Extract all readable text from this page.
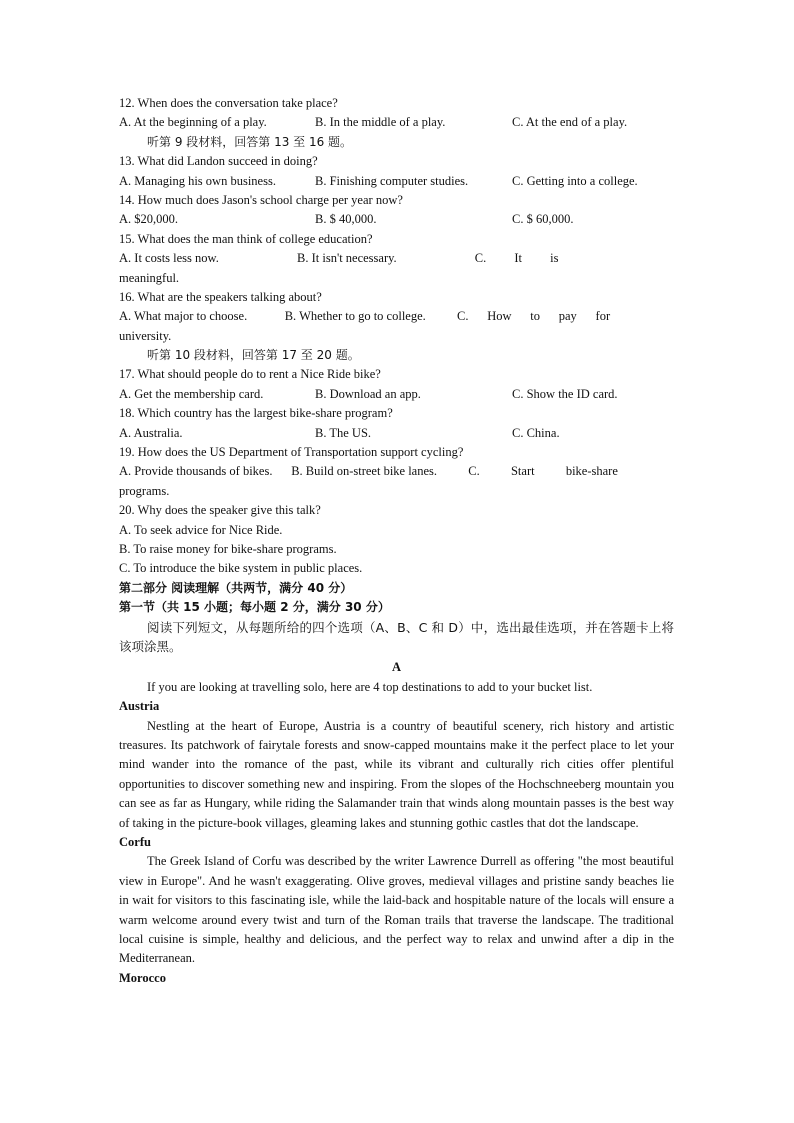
12. When does the conversation take place?
A. At the beginning of a play.	B. In the middle of a play.	C. At the end of a play.
听第 9 段材料，回答第 13 至 16 题。
13. What did Landon succeed in doing?
A. Managing his own business.	B. Finishing computer studies.	C. Getting into a college.
14. How much does Jason's school charge per year now?
A. $20,000.	B. $ 40,000.	C. $ 60,000.
15. What does the man think of college education?
A. It costs less now.                         B. It isn't necessary.                         C.         It         is
meaningful.
16. What are the speakers talking about?
A. What major to choose.            B. Whether to go to college.          C.      How      to      pay      for
university.
听第 10 段材料，回答第 17 至 20 题。
17. What should people do to rent a Nice Ride bike?
A. Get the membership card.	B. Download an app.	C. Show the ID card.
18. Which country has the largest bike-share program?
A. Australia.	B. The US.	C. China.
19. How does the US Department of Transportation support cycling?
A. Provide thousands of bikes.      B. Build on-street bike lanes.          C.          Start          bike-share
programs.
20. Why does the speaker give this talk?
A. To seek advice for Nice Ride.
B. To raise money for bike-share programs.
C. To introduce the bike system in public places.
第二部分 阅读理解（共两节，满分 40 分）
第一节（共 15 小题；每小题 2 分，满分 30 分）

阅读下列短文，从每题所给的四个选项（A、B、C 和 D）中，选出最佳选项，并在答题卡上将该项涂黑。

A
If you are looking at travelling solo, here are 4 top destinations to add to your bucket list.
Austria

Nestling at the heart of Europe, Austria is a country of beautiful scenery, rich history and artistic treasures. Its patchwork of fairytale forests and snow-capped mountains make it the perfect place to let your mind wander into the romance of the past, while its vibrant and culturally rich cities offer plentiful opportunities to discover something new and inspiring. From the slopes of the Hochschneeberg mountain you can see as far as Hungary, while riding the Salamander train that winds along mountain passes is the best way of taking in the picture-book villages, gleaming lakes and stunning gothic castles that dot the landscape.

Corfu

The Greek Island of Corfu was described by the writer Lawrence Durrell as offering "the most beautiful view in Europe". And he wasn't exaggerating. Olive groves, medieval villages and pristine sandy beaches lie in wait for visitors to this fascinating isle, while the laid-back and hospitable nature of the locals will ensure a warm welcome around every twist and turn of the Roman trails that traverse the landscape. The traditional local cuisine is simple, healthy and delicious, and the perfect way to relax and unwind after a dip in the Mediterranean.

Morocco
